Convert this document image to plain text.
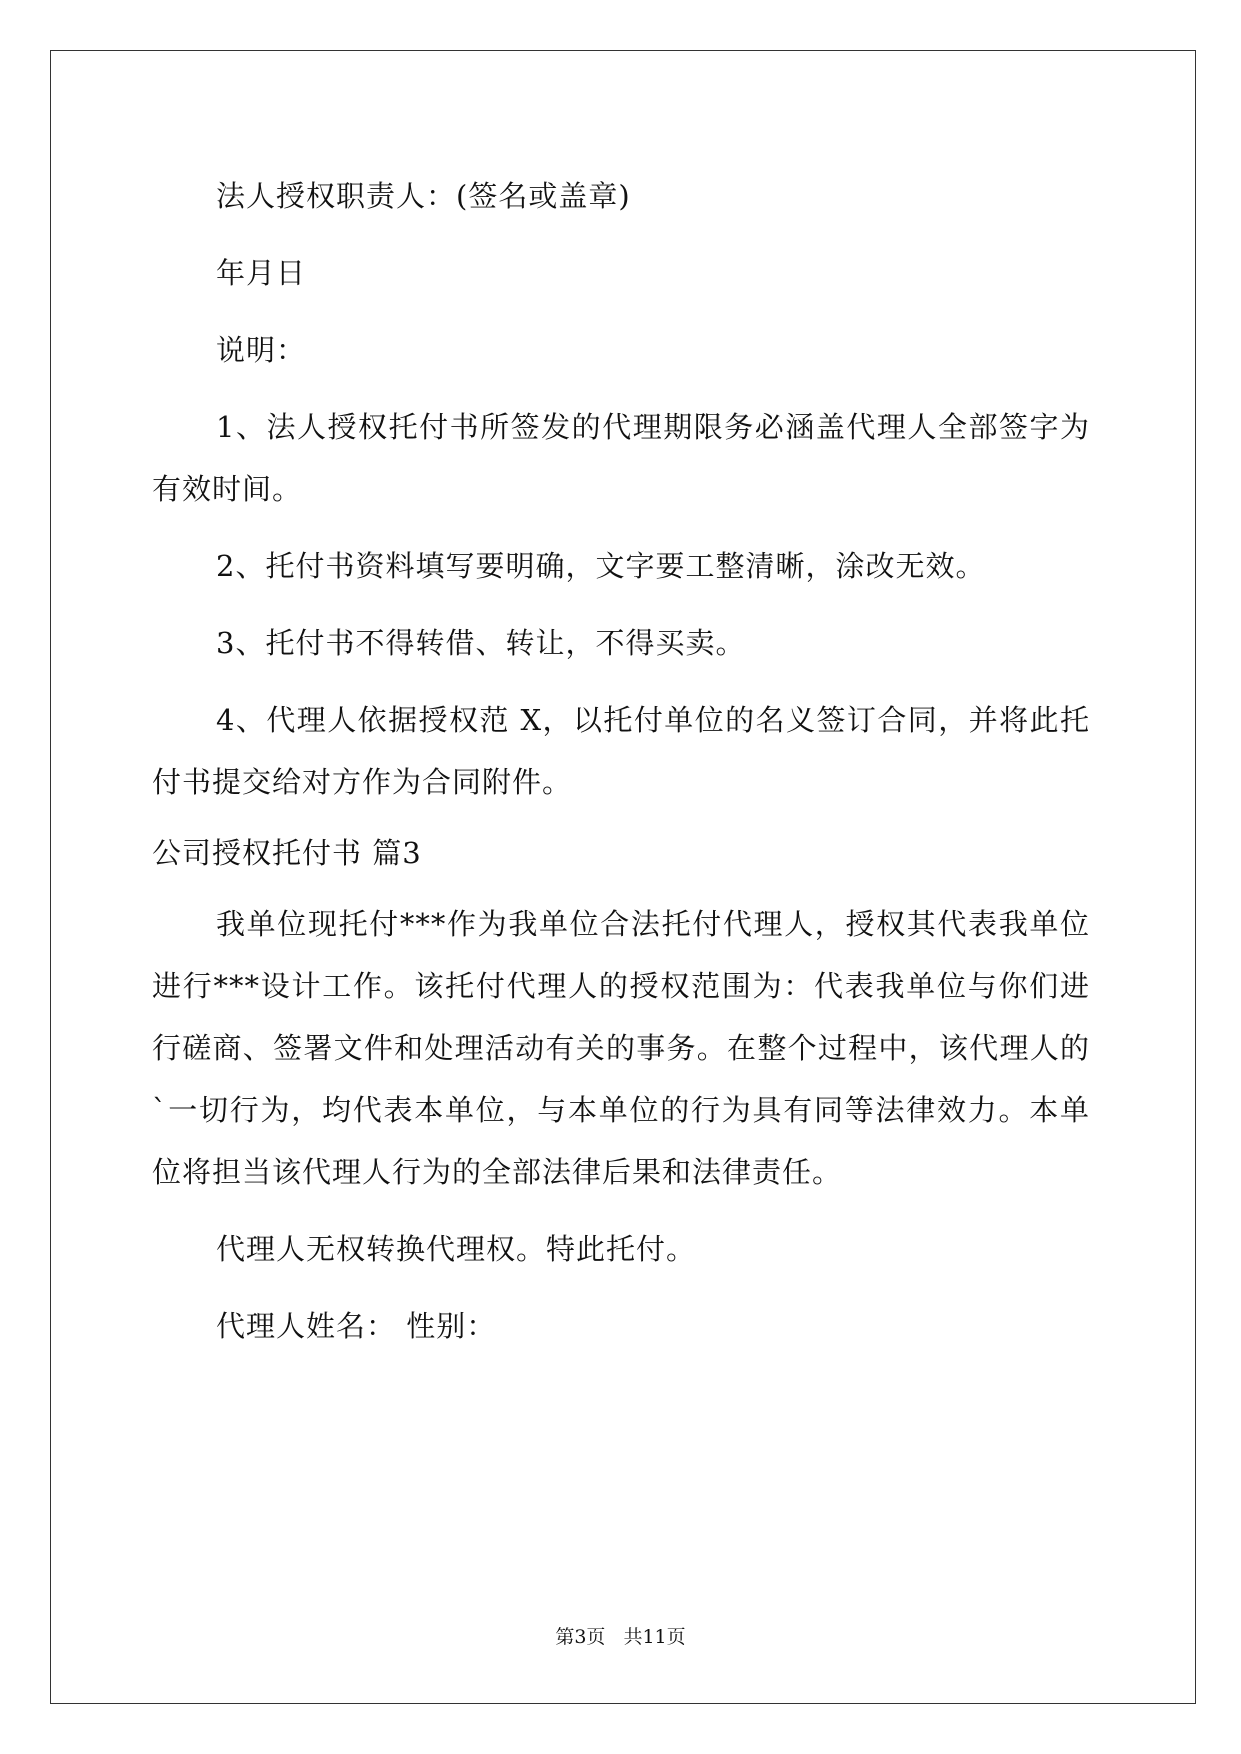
法人授权职责人：(签名或盖章)

年月日

说明：

1、法人授权托付书所签发的代理期限务必涵盖代理人全部签字为有效时间。

2、托付书资料填写要明确，文字要工整清晰，涂改无效。

3、托付书不得转借、转让，不得买卖。

4、代理人依据授权范 X，以托付单位的名义签订合同，并将此托付书提交给对方作为合同附件。

公司授权托付书 篇3

我单位现托付***作为我单位合法托付代理人，授权其代表我单位进行***设计工作。该托付代理人的授权范围为：代表我单位与你们进行磋商、签署文件和处理活动有关的事务。在整个过程中，该代理人的`一切行为，均代表本单位，与本单位的行为具有同等法律效力。本单位将担当该代理人行为的全部法律后果和法律责任。

代理人无权转换代理权。特此托付。

代理人姓名： 性别：

第3页 共11页
